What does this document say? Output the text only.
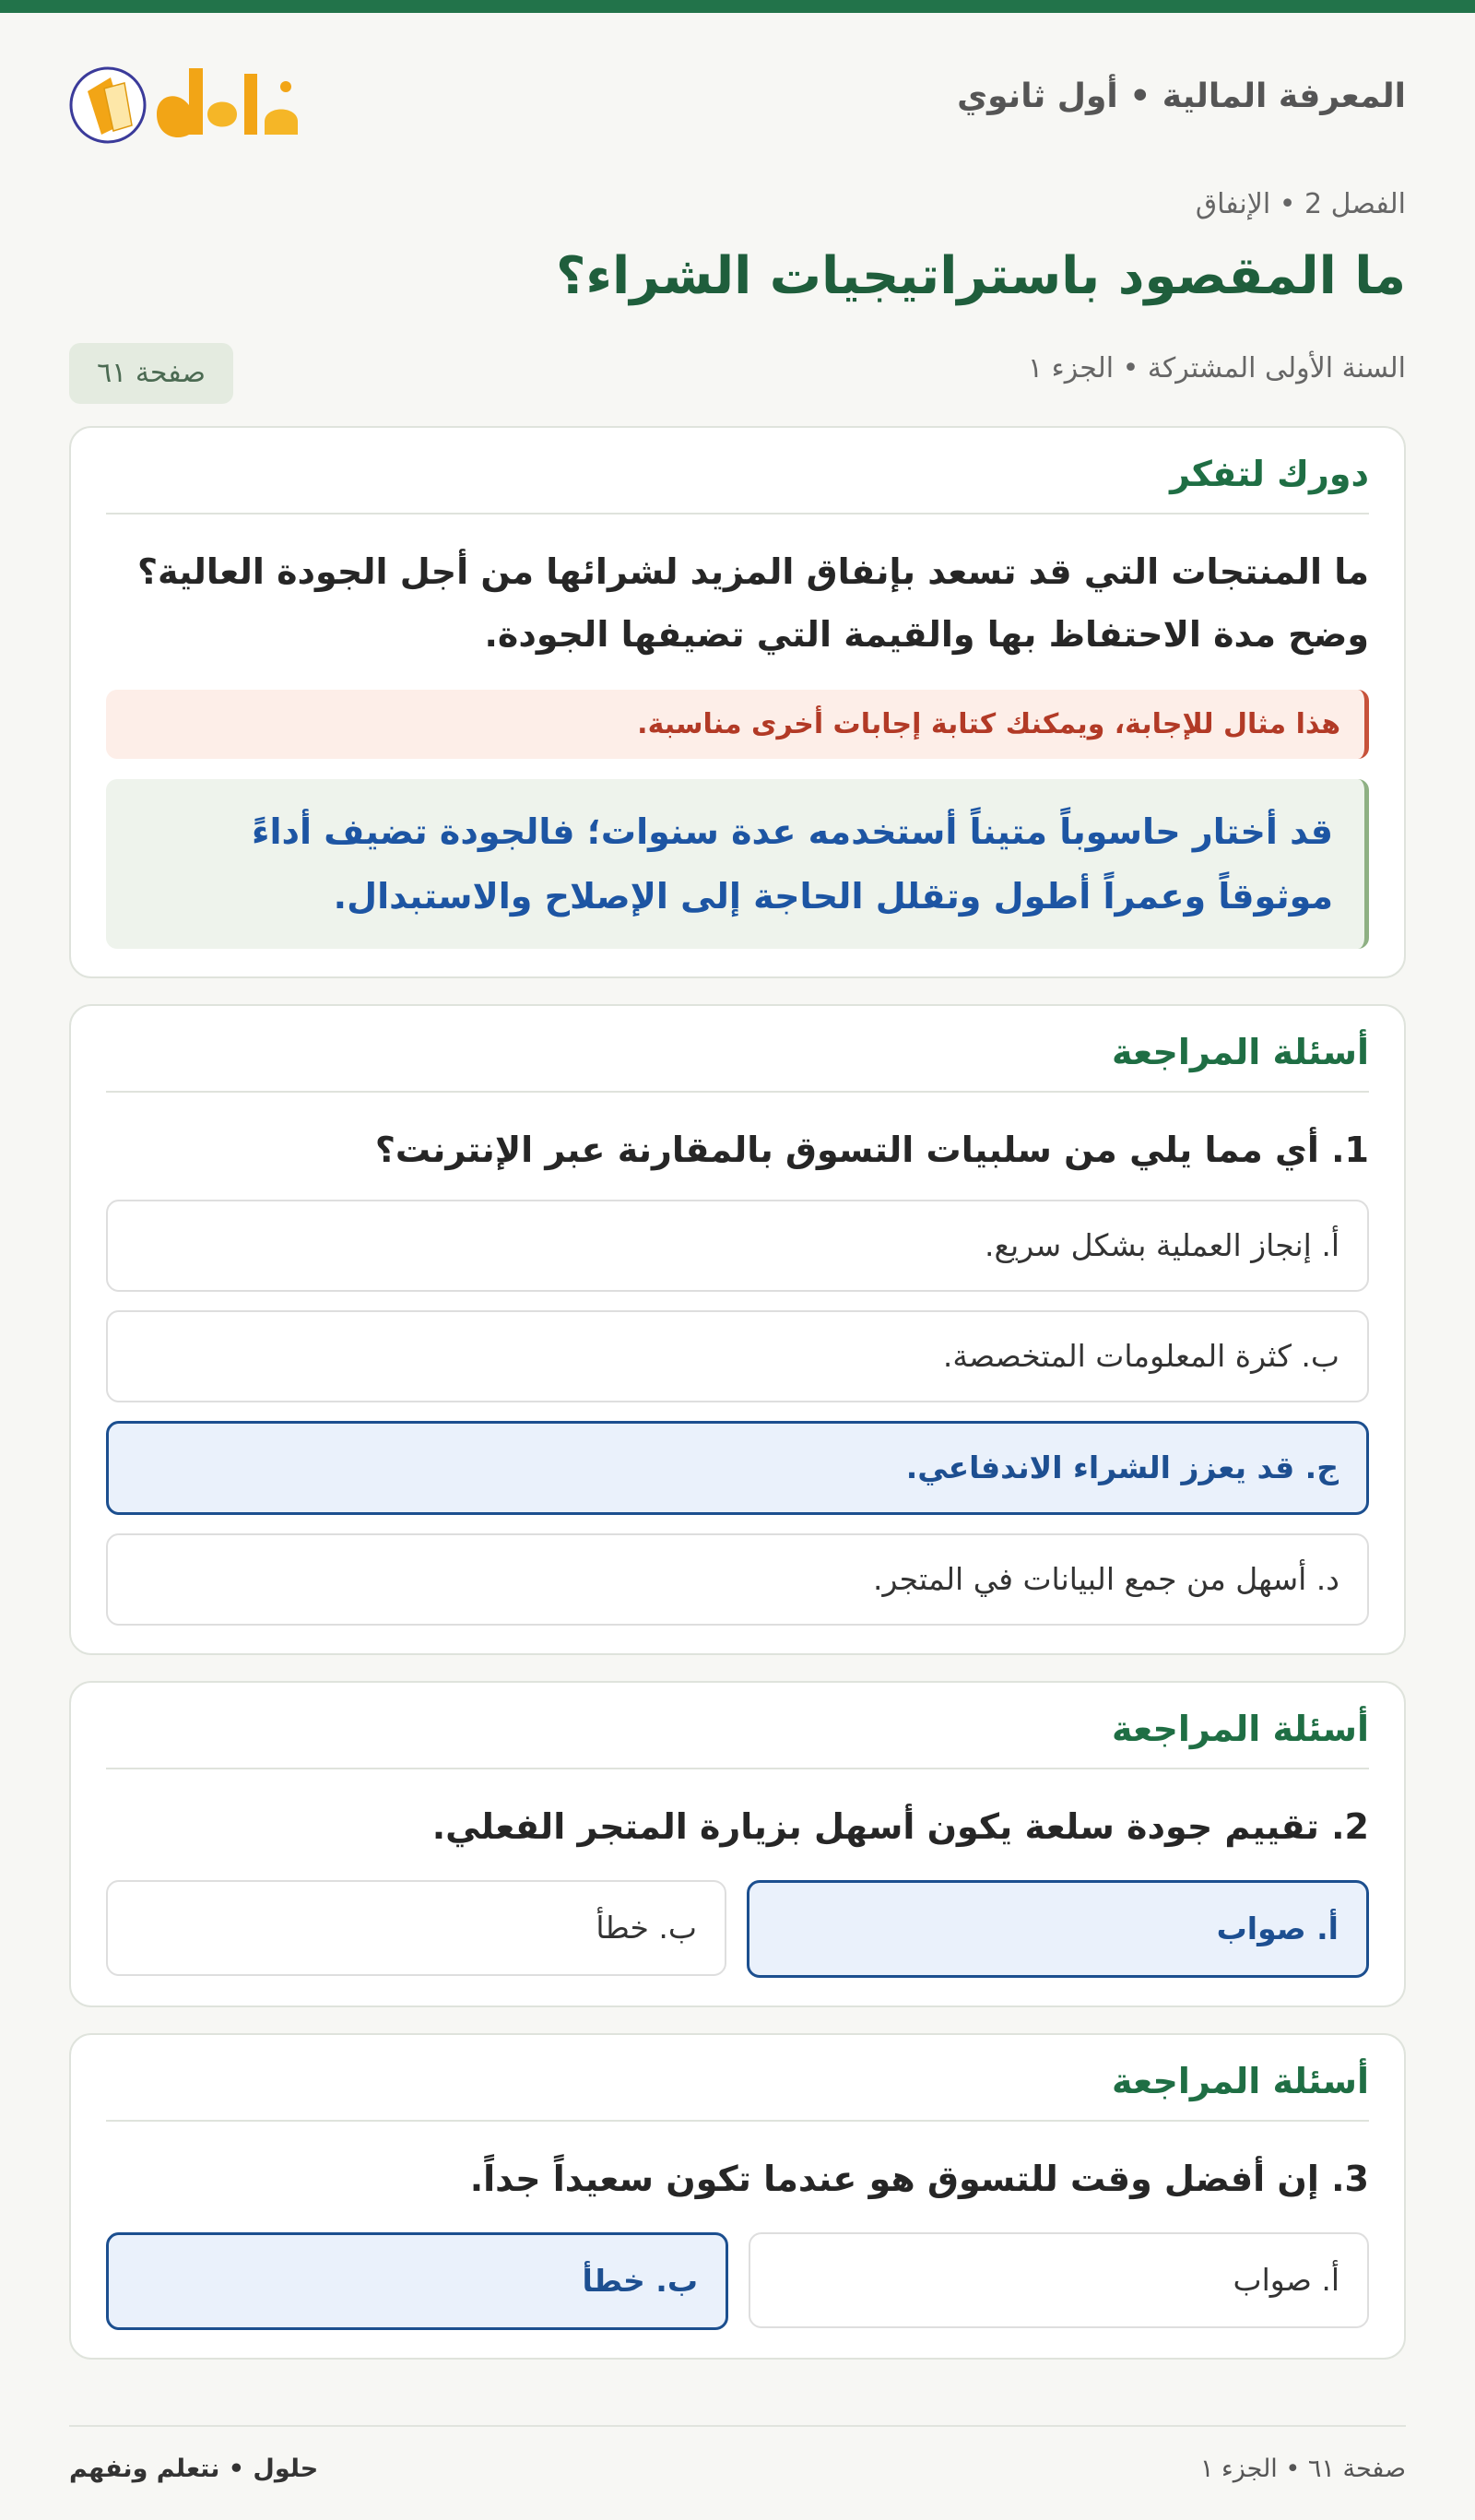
المعرفة المالية • أول ثانوي
الفصل 2 • الإنفاق
ما المقصود باستراتيجيات الشراء؟
السنة الأولى المشتركة • الجزء ١
صفحة ٦١
دورك لتفكر
ما المنتجات التي قد تسعد بإنفاق المزيد لشرائها من أجل الجودة العالية؟ وضح مدة الاحتفاظ بها والقيمة التي تضيفها الجودة.
هذا مثال للإجابة، ويمكنك كتابة إجابات أخرى مناسبة.
قد أختار حاسوباً متيناً أستخدمه عدة سنوات؛ فالجودة تضيف أداءً موثوقاً وعمراً أطول وتقلل الحاجة إلى الإصلاح والاستبدال.
أسئلة المراجعة
1. أي مما يلي من سلبيات التسوق بالمقارنة عبر الإنترنت؟
أ. إنجاز العملية بشكل سريع.
ب. كثرة المعلومات المتخصصة.
ج. قد يعزز الشراء الاندفاعي.
د. أسهل من جمع البيانات في المتجر.
أسئلة المراجعة
2. تقييم جودة سلعة يكون أسهل بزيارة المتجر الفعلي.
أ. صواب
ب. خطأ
أسئلة المراجعة
3. إن أفضل وقت للتسوق هو عندما تكون سعيداً جداً.
أ. صواب
ب. خطأ
صفحة ٦١ • الجزء ١
حلول • نتعلم ونفهم
